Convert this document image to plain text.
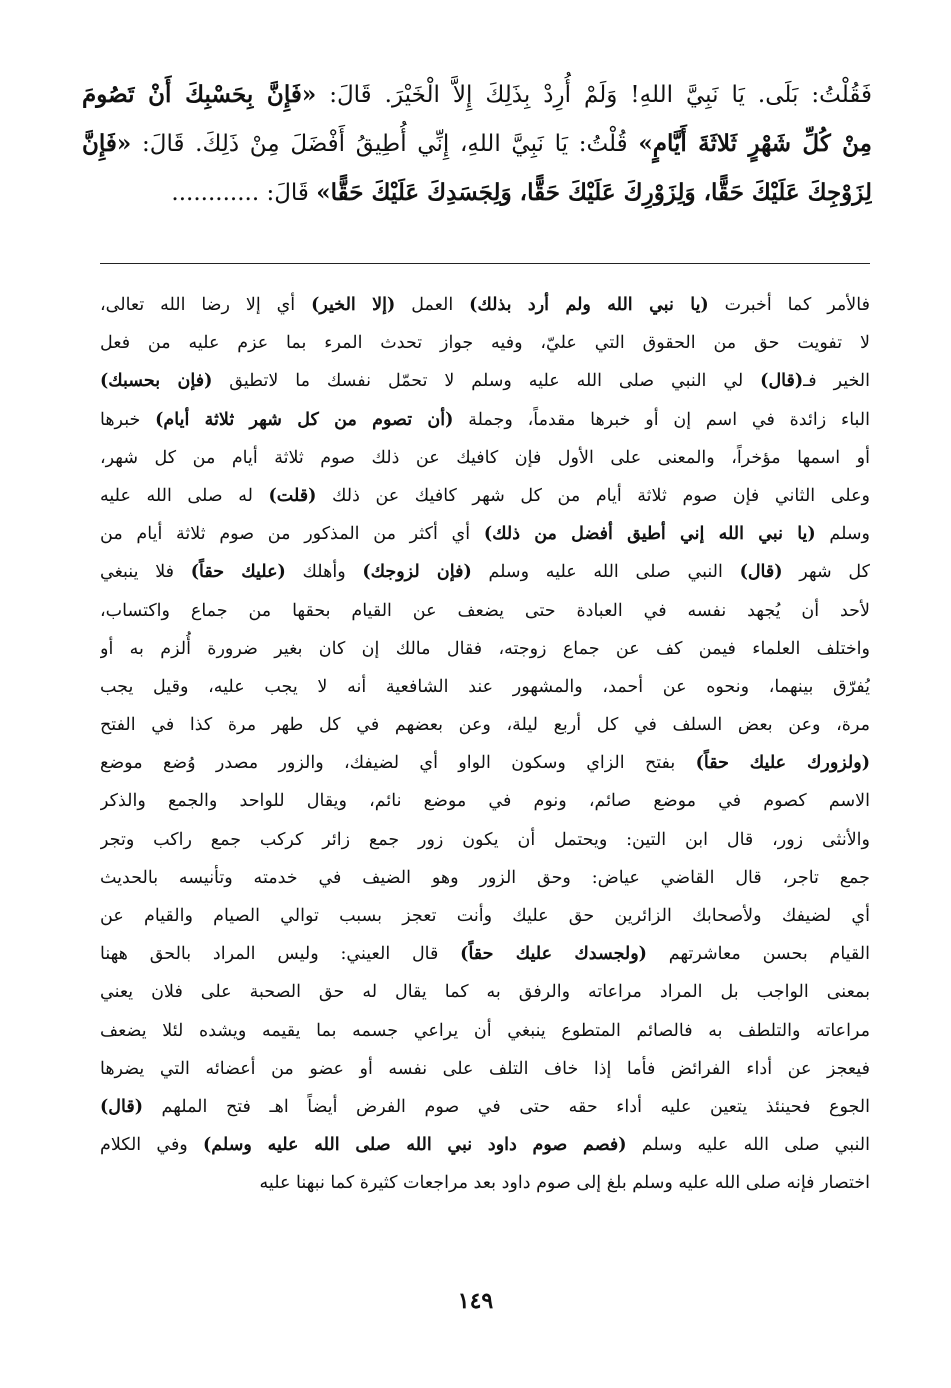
فَقُلْتُ: بَلَى. يَا نَبِيَّ اللهِ! وَلَمْ أُرِدْ بِذَلِكَ إِلاَّ الْخَيْرَ. قَالَ: «فَإِنَّ بِحَسْبِكَ أَنْ تَصُومَ
مِنْ كُلِّ شَهْرٍ ثَلاثَةَ أَيَّامٍ» قُلْتُ: يَا نَبِيَّ اللهِ، إِنِّي أُطِيقُ أَفْضَلَ مِنْ ذَلِكَ. قَالَ: «فَإِنَّ
لِزَوْجِكَ عَلَيْكَ حَقًّا، وَلِزَوْرِكَ عَلَيْكَ حَقًّا، وَلِجَسَدِكَ عَلَيْكَ حَقًّا» قَالَ: ............
فالأمر كما أخبرت (يا نبي الله ولم أرد بذلك) العمل (إلا الخير) أي إلا رضا الله تعالى،
لا تفويت حق من الحقوق التي عليّ، وفيه جواز تحدث المرء بما عزم عليه من فعل
الخير فـ(قال) لي النبي صلى الله عليه وسلم لا تحمّل نفسك ما لاتطيق (فإن بحسبك)
الباء زائدة في اسم إن أو خبرها مقدماً، وجملة (أن تصوم من كل شهر ثلاثة أيام) خبرها
أو اسمها مؤخراً، والمعنى على الأول فإن كافيك عن ذلك صوم ثلاثة أيام من كل شهر،
وعلى الثاني فإن صوم ثلاثة أيام من كل شهر كافيك عن ذلك (قلت) له صلى الله عليه
وسلم (يا نبي الله إني أطيق أفضل من ذلك) أي أكثر من المذكور من صوم ثلاثة أيام من
كل شهر (قال) النبي صلى الله عليه وسلم (فإن لزوجك) وأهلك (عليك حقاً) فلا ينبغي
لأحد أن يُجهد نفسه في العبادة حتى يضعف عن القيام بحقها من جماع واكتساب،
واختلف العلماء فيمن كف عن جماع زوجته، فقال مالك إن كان بغير ضرورة أُلزم به أو
يُفرّق بينهما، ونحوه عن أحمد، والمشهور عند الشافعية أنه لا يجب عليه، وقيل يجب
مرة، وعن بعض السلف في كل أربع ليلة، وعن بعضهم في كل طهر مرة كذا في الفتح
(ولزورك عليك حقاً) بفتح الزاي وسكون الواو أي لضيفك، والزور مصدر وُضع موضع
الاسم كصوم في موضع صائم، ونوم في موضع نائم، ويقال للواحد والجمع والذكر
والأنثى زور، قال ابن التين: ويحتمل أن يكون زور جمع زائر كركب جمع راكب وتجر
جمع تاجر، قال القاضي عياض: وحق الزور وهو الضيف في خدمته وتأنيسه بالحديث
أي لضيفك ولأصحابك الزائرين حق عليك وأنت تعجز بسبب توالي الصيام والقيام عن
القيام بحسن معاشرتهم (ولجسدك عليك حقاً) قال العيني: وليس المراد بالحق ههنا
بمعنى الواجب بل المراد مراعاته والرفق به كما يقال له حق الصحبة على فلان يعني
مراعاته والتلطف به فالصائم المتطوع ينبغي أن يراعي جسمه بما يقيمه ويشده لئلا يضعف
فيعجز عن أداء الفرائض فأما إذا خاف التلف على نفسه أو عضو من أعضائه التي يضرها
الجوع فحينئذ يتعين عليه أداء حقه حتى في صوم الفرض أيضاً اهـ فتح الملهم (قال)
النبي صلى الله عليه وسلم (فصم صوم داود نبي الله صلى الله عليه وسلم) وفي الكلام
اختصار فإنه صلى الله عليه وسلم بلغ إلى صوم داود بعد مراجعات كثيرة كما نبهنا عليه
١٤٩
